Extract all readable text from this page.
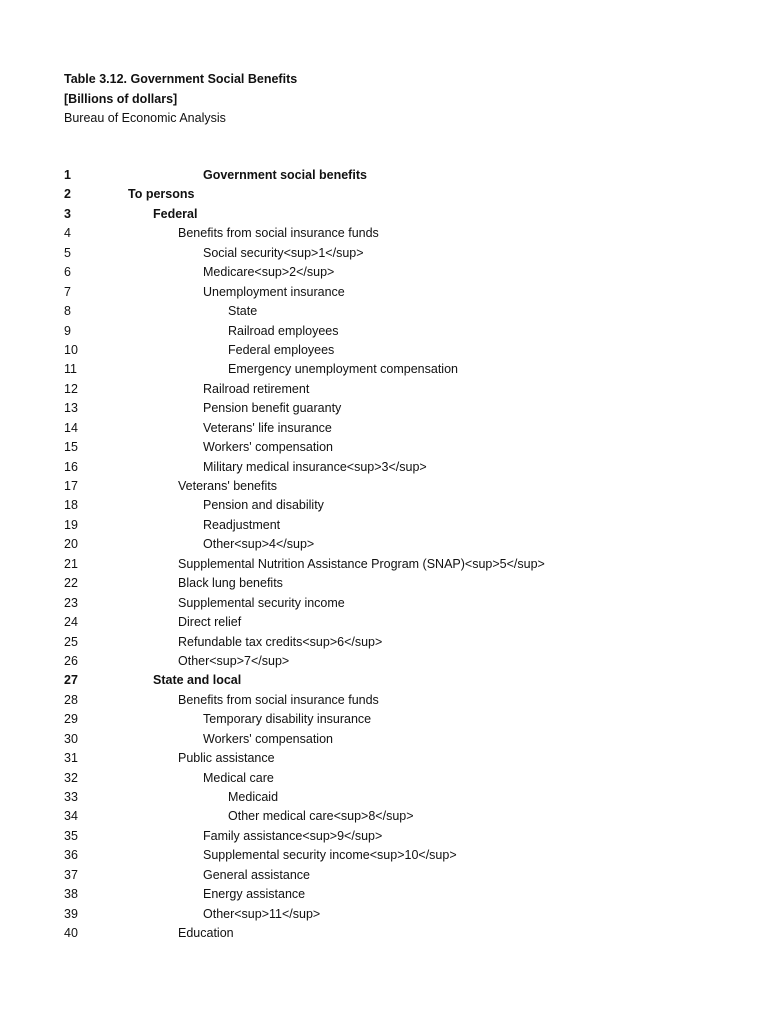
Table 3.12. Government Social Benefits
[Billions of dollars]
Bureau of Economic Analysis
1	Government social benefits
2	To persons
3	Federal
4	Benefits from social insurance funds
5	Social security<sup>1</sup>
6	Medicare<sup>2</sup>
7	Unemployment insurance
8	State
9	Railroad employees
10	Federal employees
11	Emergency unemployment compensation
12	Railroad retirement
13	Pension benefit guaranty
14	Veterans' life insurance
15	Workers' compensation
16	Military medical insurance<sup>3</sup>
17	Veterans' benefits
18	Pension and disability
19	Readjustment
20	Other<sup>4</sup>
21	Supplemental Nutrition Assistance Program (SNAP)<sup>5</sup>
22	Black lung benefits
23	Supplemental security income
24	Direct relief
25	Refundable tax credits<sup>6</sup>
26	Other<sup>7</sup>
27	State and local
28	Benefits from social insurance funds
29	Temporary disability insurance
30	Workers' compensation
31	Public assistance
32	Medical care
33	Medicaid
34	Other medical care<sup>8</sup>
35	Family assistance<sup>9</sup>
36	Supplemental security income<sup>10</sup>
37	General assistance
38	Energy assistance
39	Other<sup>11</sup>
40	Education
